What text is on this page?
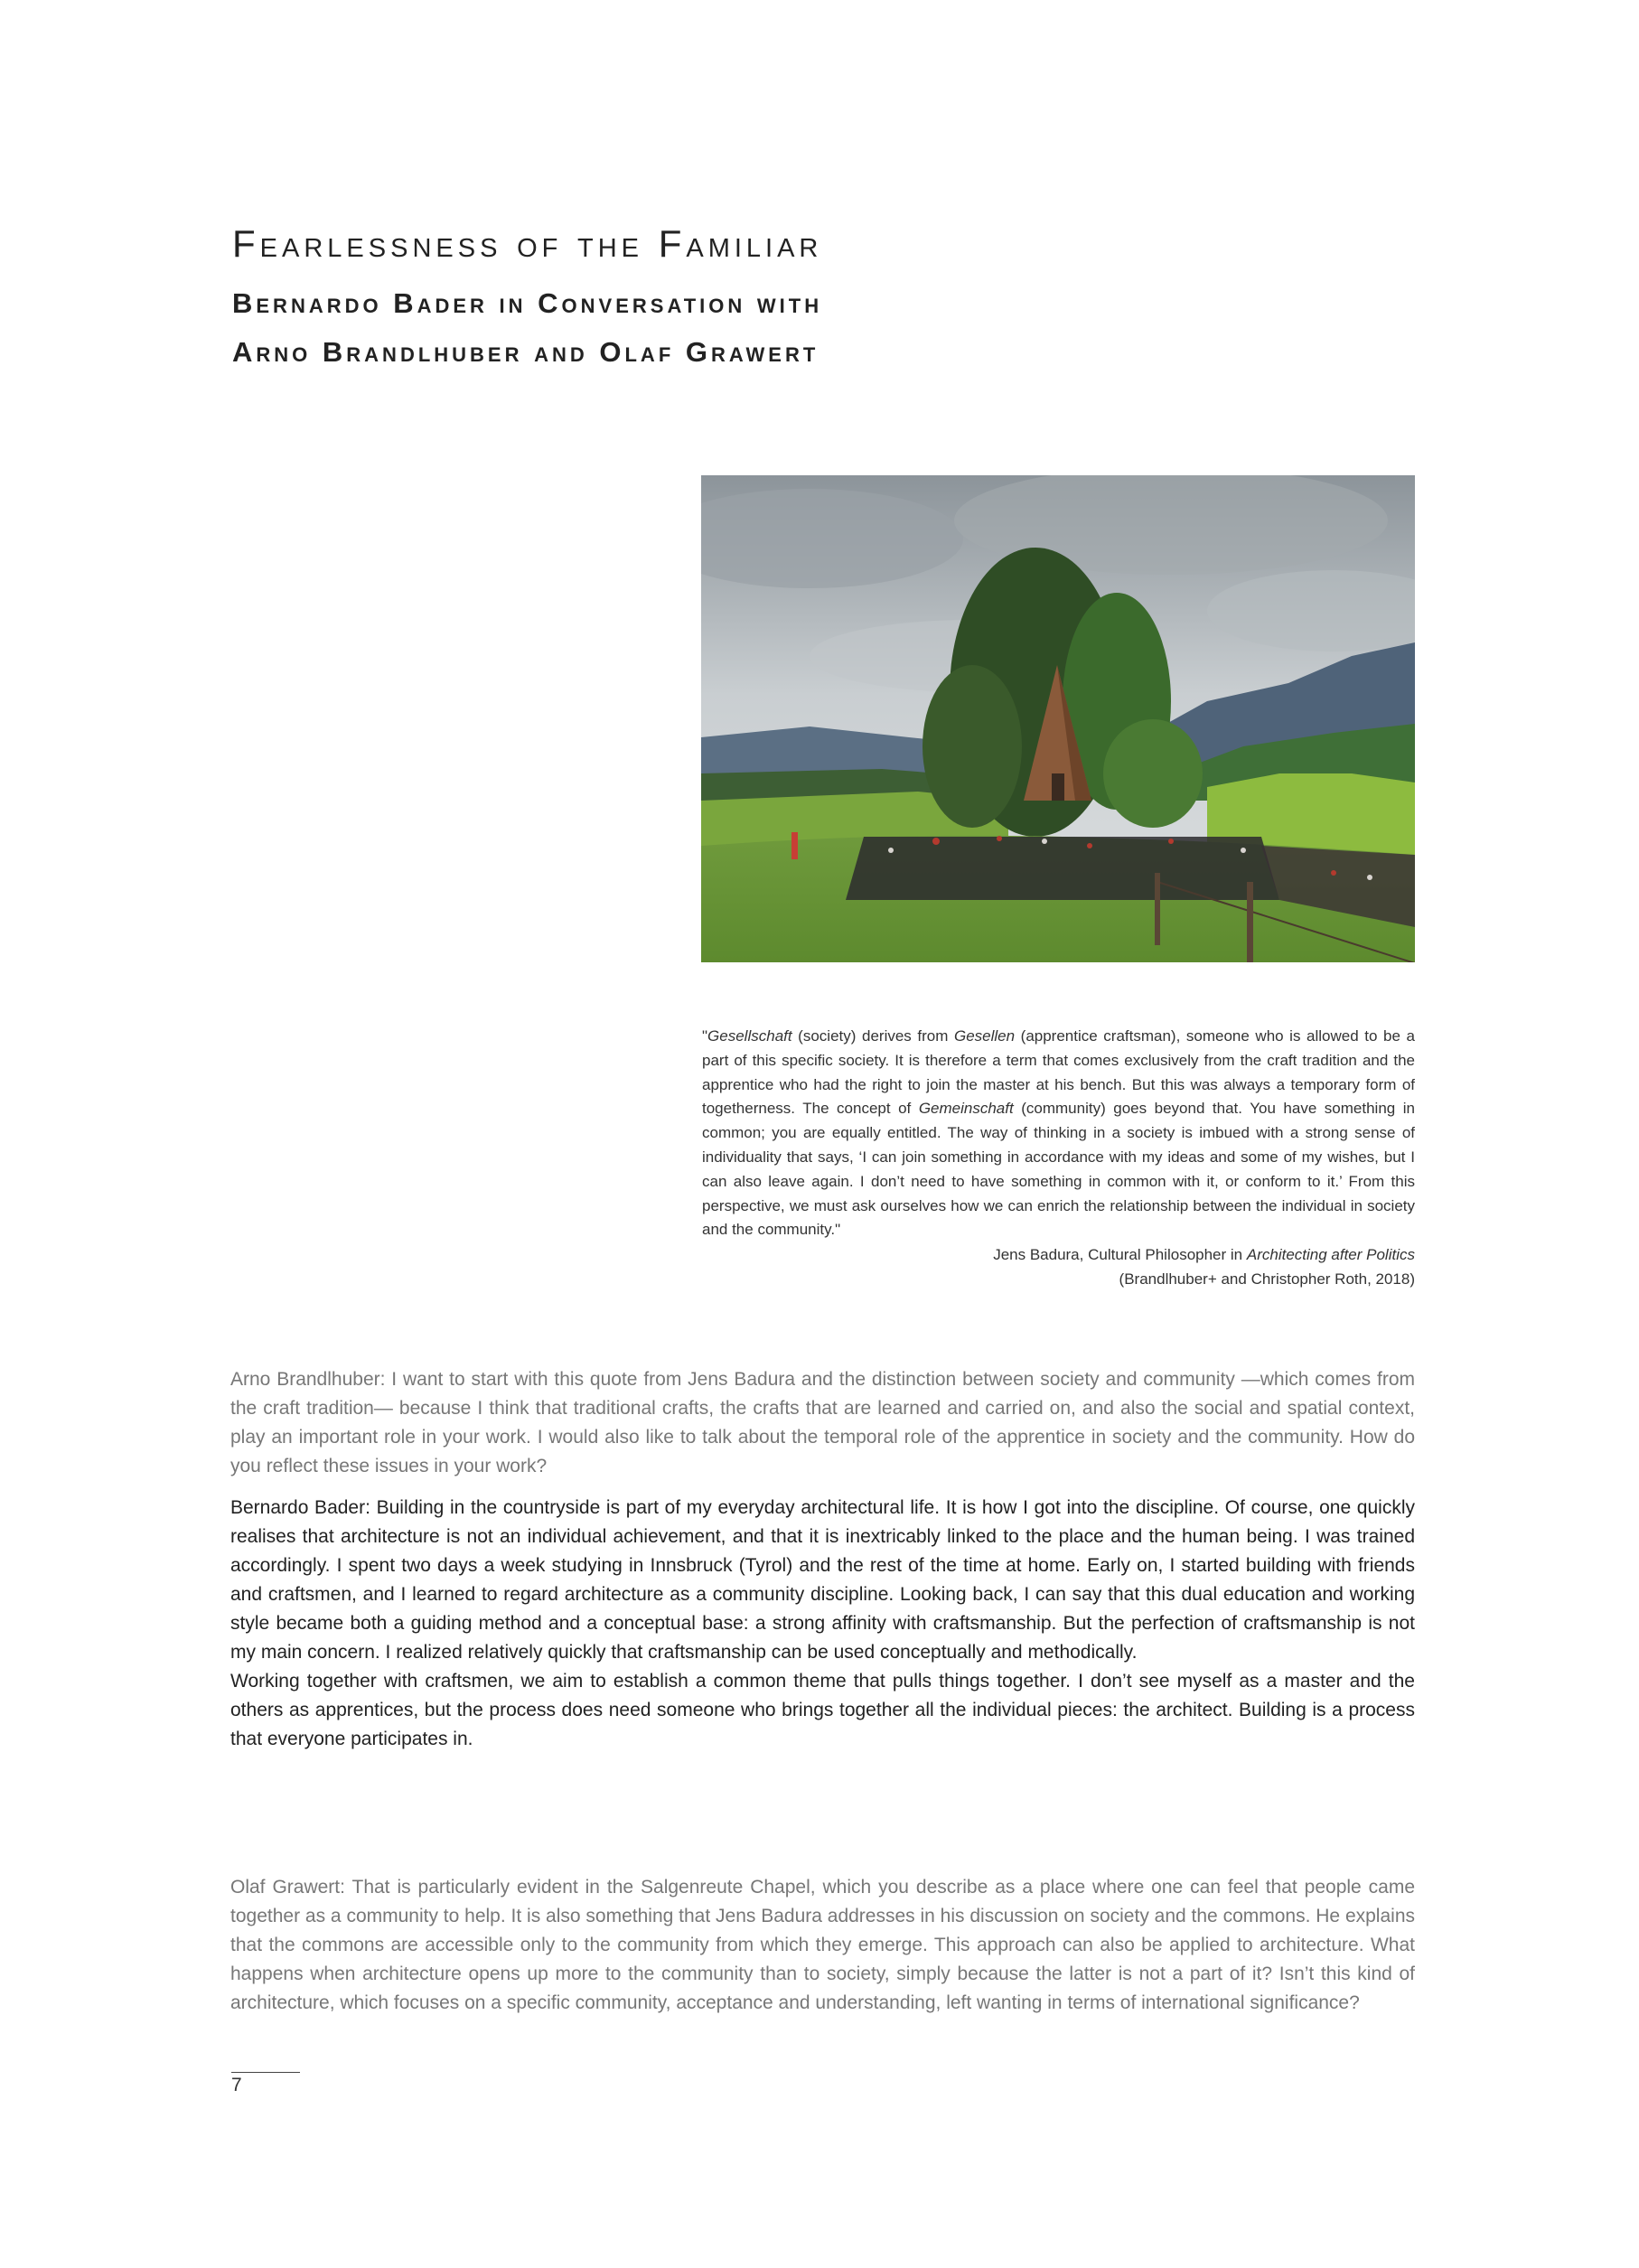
Fearlessness of the Familiar
Bernardo Bader in Conversation with
Arno Brandlhuber and Olaf Grawert

"Gesellschaft (society) derives from Gesellen (apprentice craftsman), someone who is allowed to be a part of this specific society. It is therefore a term that comes exclusively from the craft tradition and the apprentice who had the right to join the master at his bench. But this was always a temporary form of togetherness. The concept of Gemeinschaft (community) goes beyond that. You have something in common; you are equally entitled. The way of thinking in a society is imbued with a strong sense of individuality that says, ‘I can join something in accordance with my ideas and some of my wishes, but I can also leave again. I don’t need to have something in common with it, or conform to it.’ From this perspective, we must ask ourselves how we can enrich the relationship between the individual in society and the community."

Jens Badura, Cultural Philosopher in Architecting after Politics

(Brandlhuber+ and Christopher Roth, 2018)

Arno Brandlhuber: I want to start with this quote from Jens Badura and the distinction between society and community —which comes from the craft tradition— because I think that traditional crafts, the crafts that are learned and carried on, and also the social and spatial context, play an important role in your work. I would also like to talk about the temporal role of the apprentice in society and the community. How do you reflect these issues in your work?

Bernardo Bader: Building in the countryside is part of my everyday architectural life. It is how I got into the discipline. Of course, one quickly realises that architecture is not an individual achievement, and that it is inextricably linked to the place and the human being. I was trained accordingly. I spent two days a week studying in Innsbruck (Tyrol) and the rest of the time at home. Early on, I started building with friends and craftsmen, and I learned to regard architecture as a community discipline. Looking back, I can say that this dual education and working style became both a guiding method and a conceptual base: a strong affinity with craftsmanship. But the perfection of craftsmanship is not my main concern. I realized relatively quickly that craftsmanship can be used conceptually and methodically.

Working together with craftsmen, we aim to establish a common theme that pulls things together. I don’t see myself as a master and the others as apprentices, but the process does need someone who brings together all the individual pieces: the architect. Building is a process that everyone participates in.

Olaf Grawert: That is particularly evident in the Salgenreute Chapel, which you describe as a place where one can feel that people came together as a community to help. It is also something that Jens Badura addresses in his discussion on society and the commons. He explains that the commons are accessible only to the community from which they emerge. This approach can also be applied to architecture. What happens when architecture opens up more to the community than to society, simply because the latter is not a part of it? Isn’t this kind of architecture, which focuses on a specific community, acceptance and understanding, left wanting in terms of international significance?

7
